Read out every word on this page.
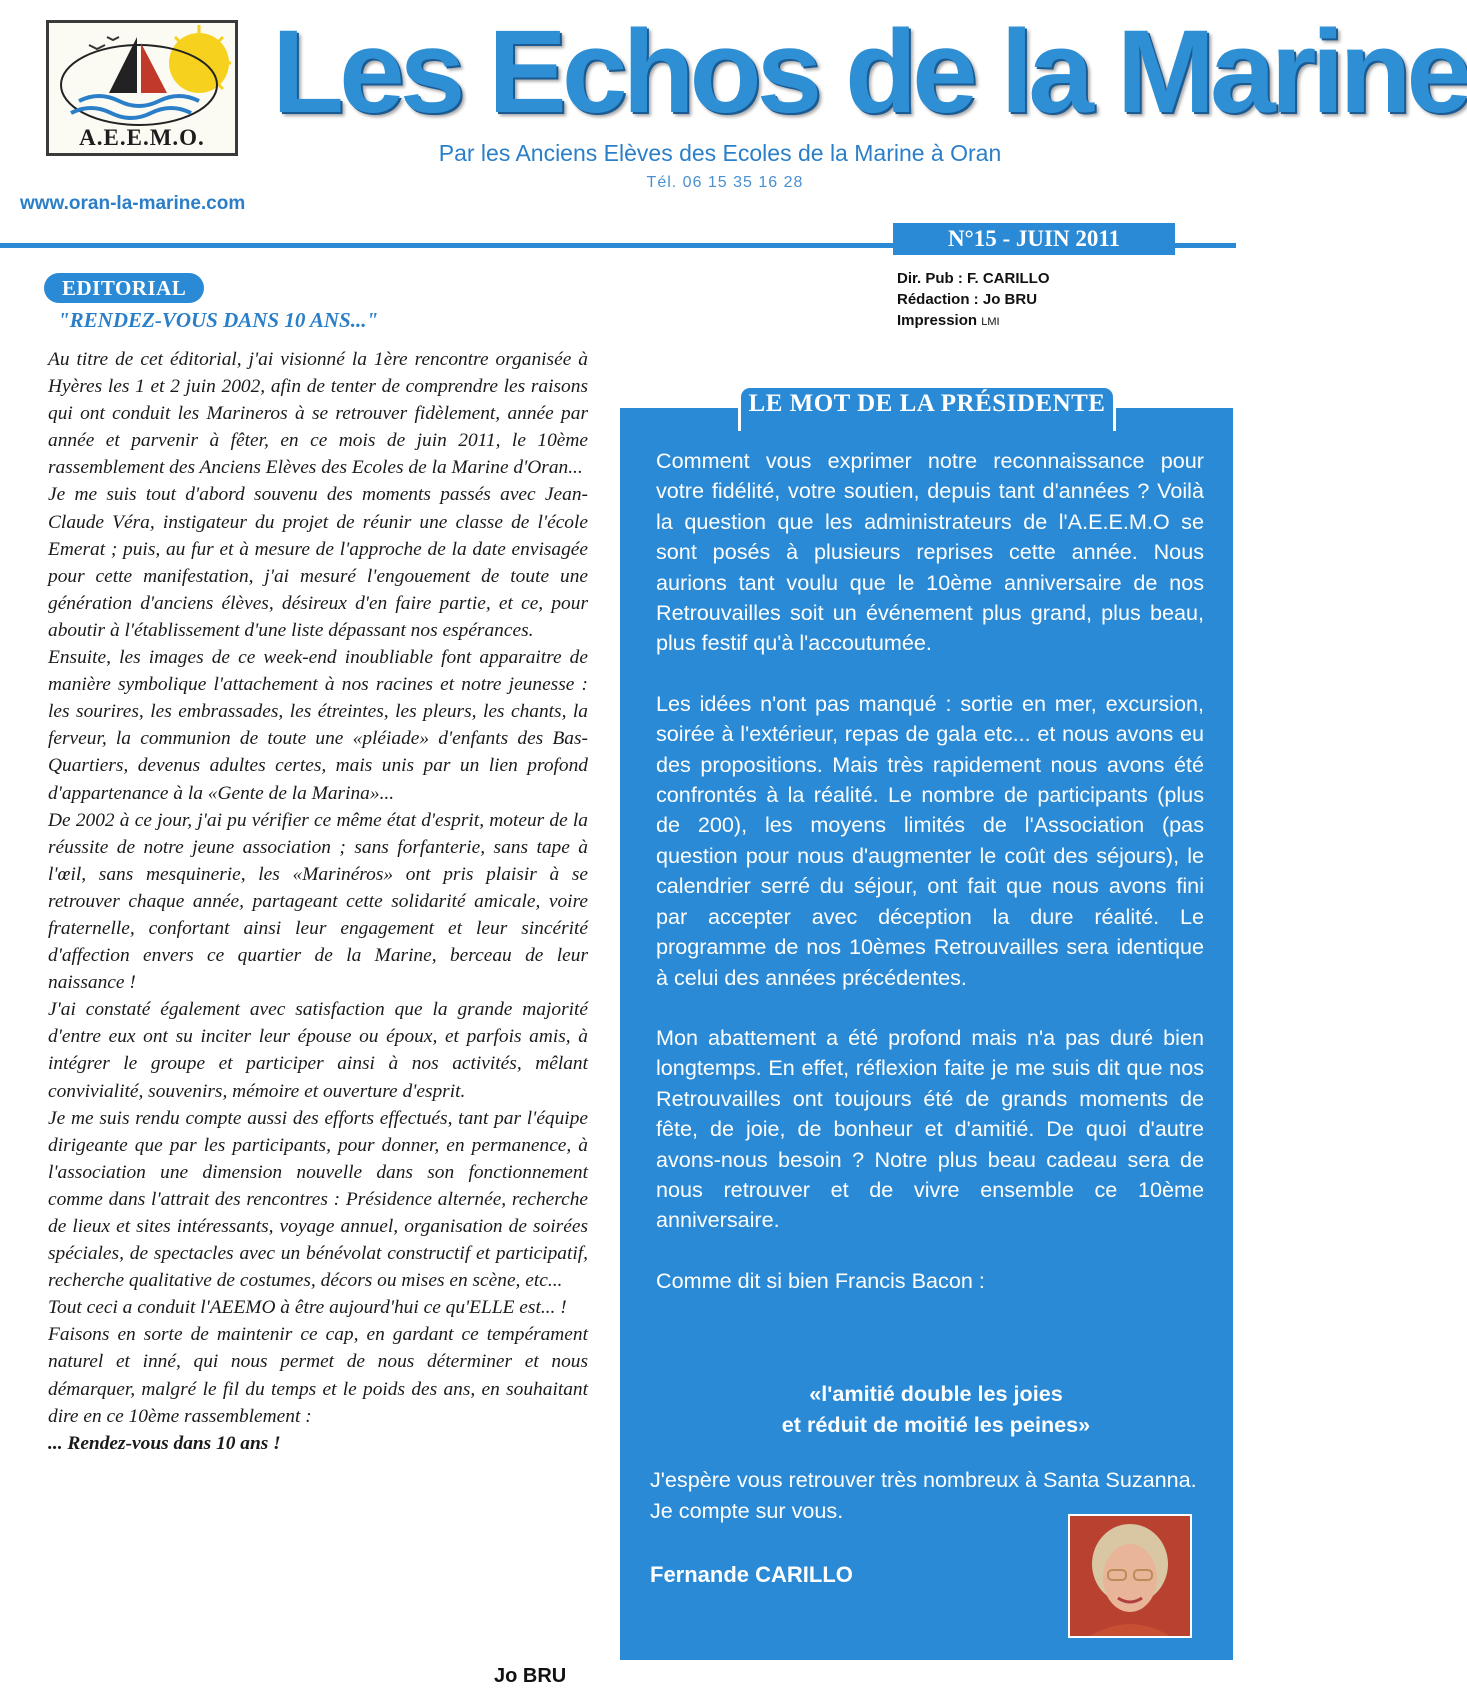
A.E.E.M.O. Les Echos de la Marine
Par les Anciens Elèves des Ecoles de la Marine à Oran
Tél. 06 15 35 16 28
www.oran-la-marine.com
N°15 - JUIN 2011
Dir. Pub : F. CARILLO
Rédaction : Jo BRU
Impression LMI
EDITORIAL
"RENDEZ-VOUS DANS 10 ANS..."

Au titre de cet éditorial, j'ai visionné la 1ère rencontre organisée à Hyères les 1 et 2 juin 2002, afin de tenter de comprendre les raisons qui ont conduit les Marineros à se retrouver fidèlement, année par année et parvenir à fêter, en ce mois de juin 2011, le 10ème rassemblement des Anciens Elèves des Ecoles de la Marine d'Oran...

Je me suis tout d'abord souvenu des moments passés avec Jean-Claude Véra, instigateur du projet de réunir une classe de l'école Emerat ; puis, au fur et à mesure de l'approche de la date envisagée pour cette manifestation, j'ai mesuré l'engouement de toute une génération d'anciens élèves, désireux d'en faire partie, et ce, pour aboutir à l'établissement d'une liste dépassant nos espérances.

Ensuite, les images de ce week-end inoubliable font apparaitre de manière symbolique l'attachement à nos racines et notre jeunesse : les sourires, les embrassades, les étreintes, les pleurs, les chants, la ferveur, la communion de toute une «pléiade» d'enfants des Bas-Quartiers, devenus adultes certes, mais unis par un lien profond d'appartenance à la «Gente de la Marina»...

De 2002 à ce jour, j'ai pu vérifier ce même état d'esprit, moteur de la réussite de notre jeune association ; sans forfanterie, sans tape à l'œil, sans mesquinerie, les «Marinéros» ont pris plaisir à se retrouver chaque année, partageant cette solidarité amicale, voire fraternelle, confortant ainsi leur engagement et leur sincérité d'affection envers ce quartier de la Marine, berceau de leur naissance !

J'ai constaté également avec satisfaction que la grande majorité d'entre eux ont su inciter leur épouse ou époux, et parfois amis, à intégrer le groupe et participer ainsi à nos activités, mêlant convivialité, souvenirs, mémoire et ouverture d'esprit.

Je me suis rendu compte aussi des efforts effectués, tant par l'équipe dirigeante que par les participants, pour donner, en permanence, à l'association une dimension nouvelle dans son fonctionnement comme dans l'attrait des rencontres : Présidence alternée, recherche de lieux et sites intéressants, voyage annuel, organisation de soirées spéciales, de spectacles avec un bénévolat constructif et participatif, recherche qualitative de costumes, décors ou mises en scène, etc...

Tout ceci a conduit l'AEEMO à être aujourd'hui ce qu'ELLE est... !

Faisons en sorte de maintenir ce cap, en gardant ce tempérament naturel et inné, qui nous permet de nous déterminer et nous démarquer, malgré le fil du temps et le poids des ans, en souhaitant dire en ce 10ème rassemblement :

... Rendez-vous dans 10 ans !

Jo BRU
LE MOT DE LA PRÉSIDENTE

Comment vous exprimer notre reconnaissance pour votre fidélité, votre soutien, depuis tant d'années ? Voilà la question que les administrateurs de l'A.E.E.M.O se sont posés à plusieurs reprises cette année. Nous aurions tant voulu que le 10ème anniversaire de nos Retrouvailles soit un événement plus grand, plus beau, plus festif qu'à l'accoutumée.

Les idées n'ont pas manqué : sortie en mer, excursion, soirée à l'extérieur, repas de gala etc... et nous avons eu des propositions. Mais très rapidement nous avons été confrontés à la réalité. Le nombre de participants (plus de 200), les moyens limités de l'Association (pas question pour nous d'augmenter le coût des séjours), le calendrier serré du séjour, ont fait que nous avons fini par accepter avec déception la dure réalité. Le programme de nos 10èmes Retrouvailles sera identique à celui des années précédentes.

Mon abattement a été profond mais n'a pas duré bien longtemps. En effet, réflexion faite je me suis dit que nos Retrouvailles ont toujours été de grands moments de fête, de joie, de bonheur et d'amitié. De quoi d'autre avons-nous besoin ? Notre plus beau cadeau sera de nous retrouver et de vivre ensemble ce 10ème anniversaire.

Comme dit si bien Francis Bacon :

«l'amitié double les joies
et réduit de moitié les peines»
J'espère vous retrouver très nombreux à Santa Suzanna. Je compte sur vous.
Fernande CARILLO
